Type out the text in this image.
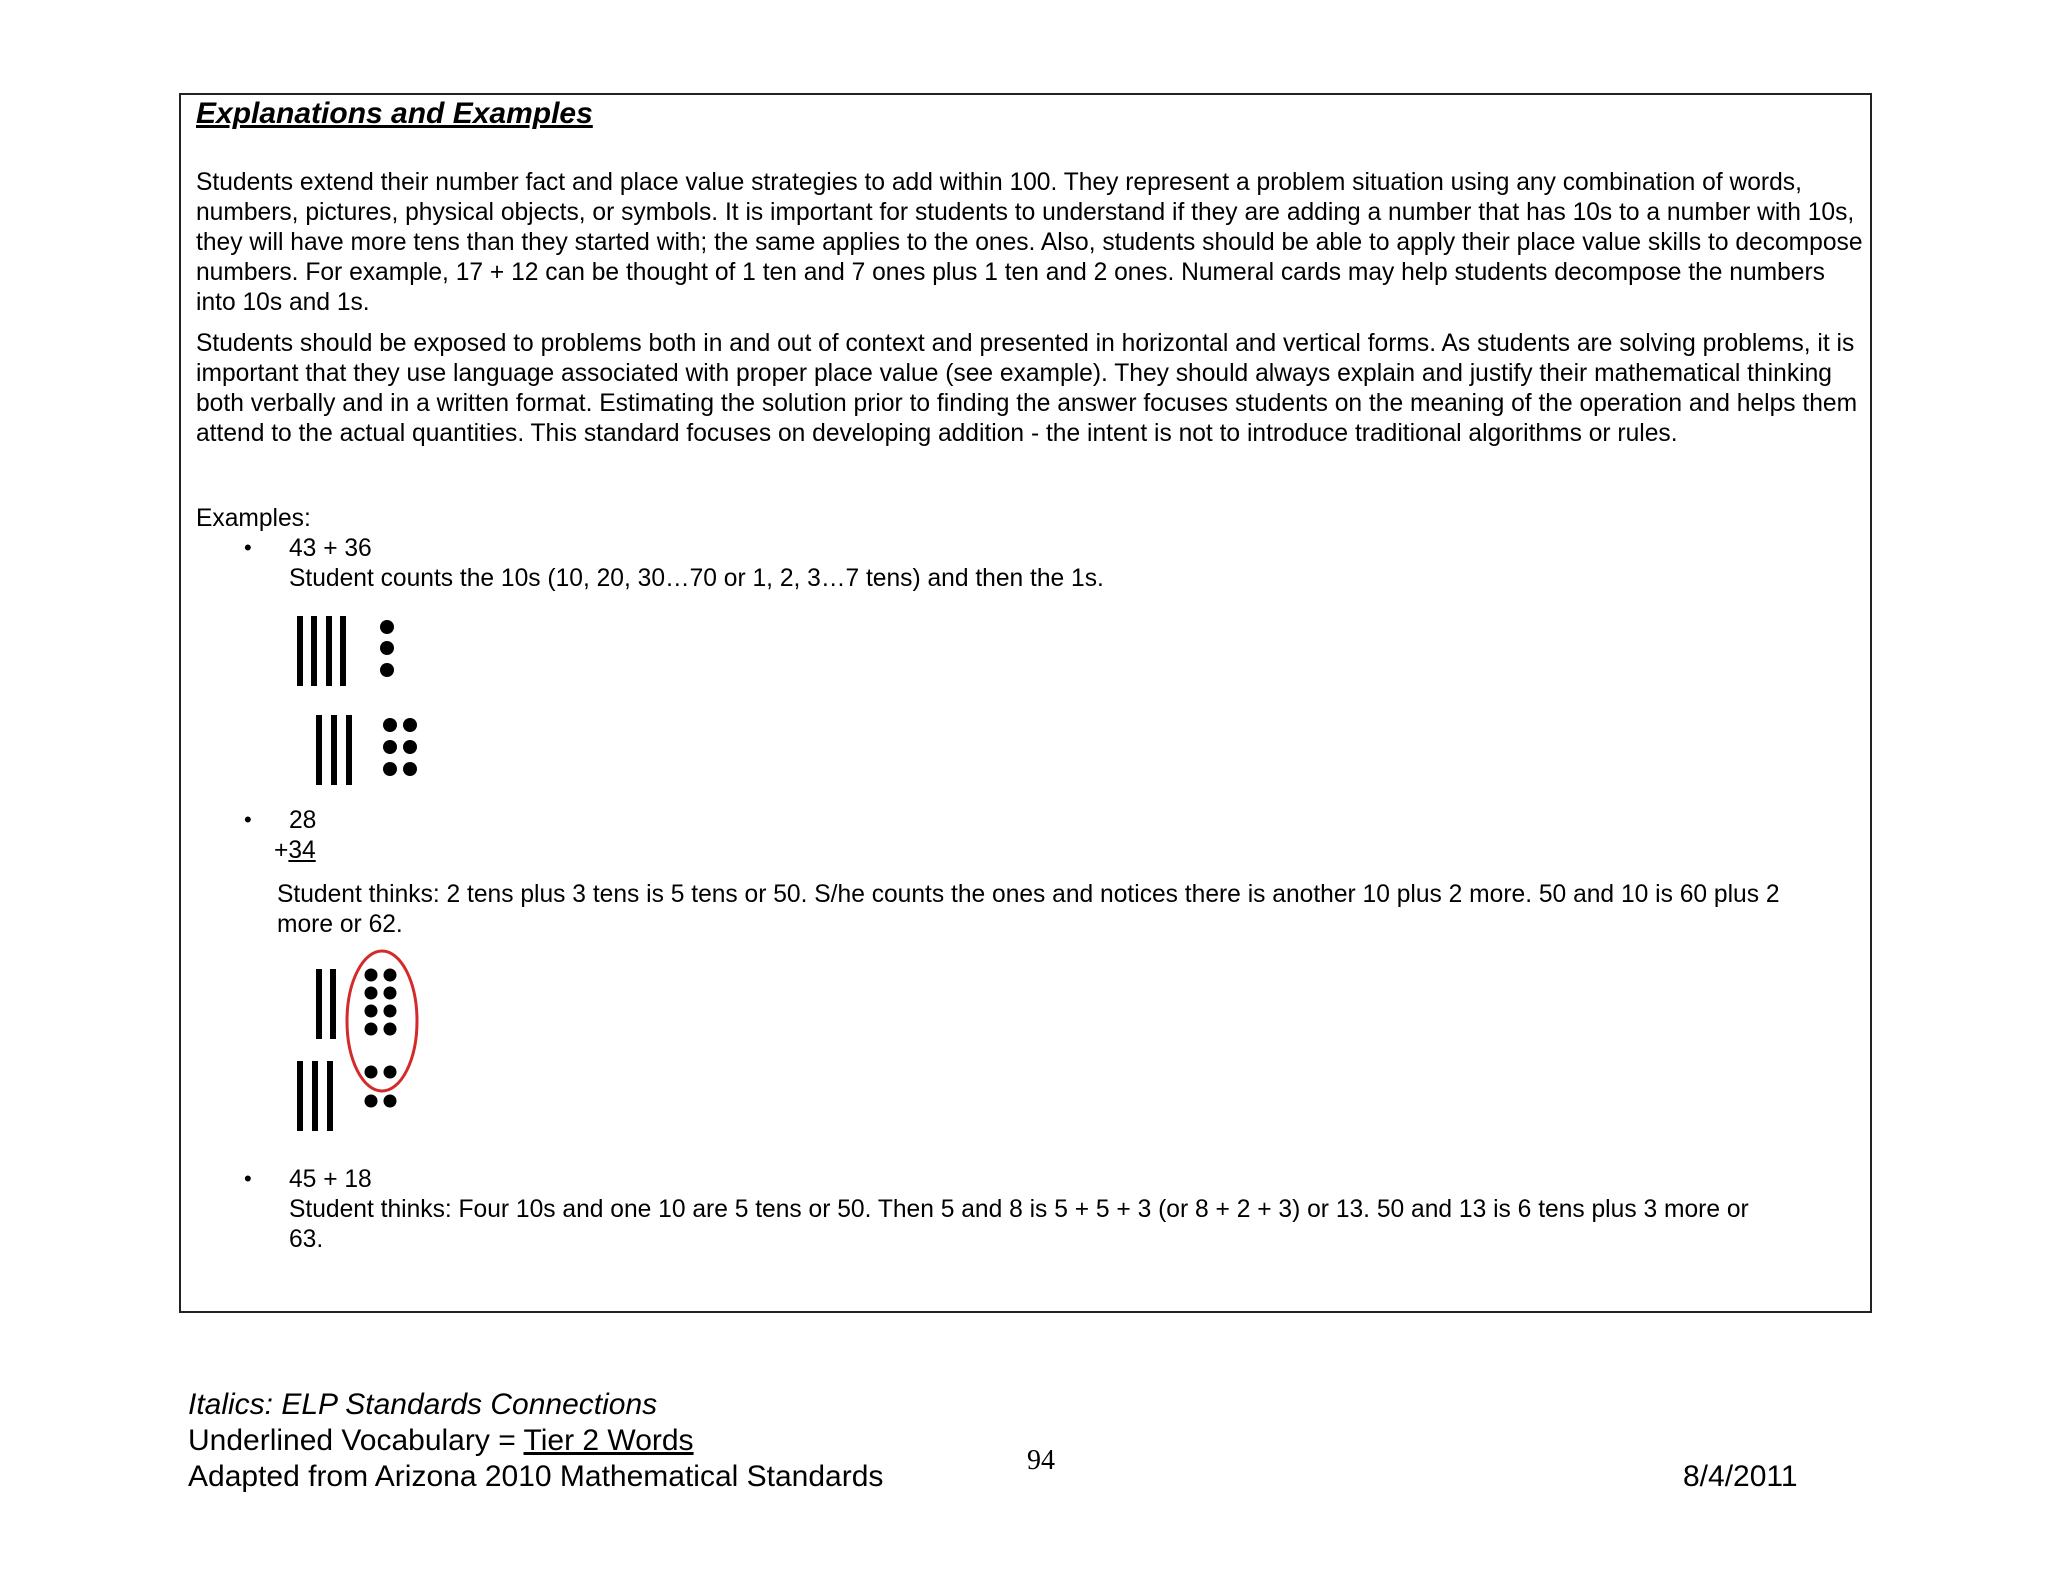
Explanations and Examples
Students extend their number fact and place value strategies to add within 100. They represent a problem situation using any combination of words, numbers, pictures, physical objects, or symbols. It is important for students to understand if they are adding a number that has 10s to a number with 10s, they will have more tens than they started with; the same applies to the ones. Also, students should be able to apply their place value skills to decompose numbers. For example, 17 + 12 can be thought of 1 ten and 7 ones plus 1 ten and 2 ones. Numeral cards may help students decompose the numbers into 10s and 1s.
Students should be exposed to problems both in and out of context and presented in horizontal and vertical forms. As students are solving problems, it is important that they use language associated with proper place value (see example). They should always explain and justify their mathematical thinking both verbally and in a written format. Estimating the solution prior to finding the answer focuses students on the meaning of the operation and helps them attend to the actual quantities. This standard focuses on developing addition - the intent is not to introduce traditional algorithms or rules.
Examples:
• 43 + 36
Student counts the 10s (10, 20, 30…70 or 1, 2, 3…7 tens) and then the 1s.
• 28
+34
Student thinks: 2 tens plus 3 tens is 5 tens or 50. S/he counts the ones and notices there is another 10 plus 2 more. 50 and 10 is 60 plus 2
more or 62.
• 45 + 18
Student thinks: Four 10s and one 10 are 5 tens or 50. Then 5 and 8 is 5 + 5 + 3 (or 8 + 2 + 3) or 13. 50 and 13 is 6 tens plus 3 more or
63.
Italics: ELP Standards Connections
Underlined Vocabulary = Tier 2 Words
Adapted from Arizona 2010 Mathematical Standards	94	8/4/2011
